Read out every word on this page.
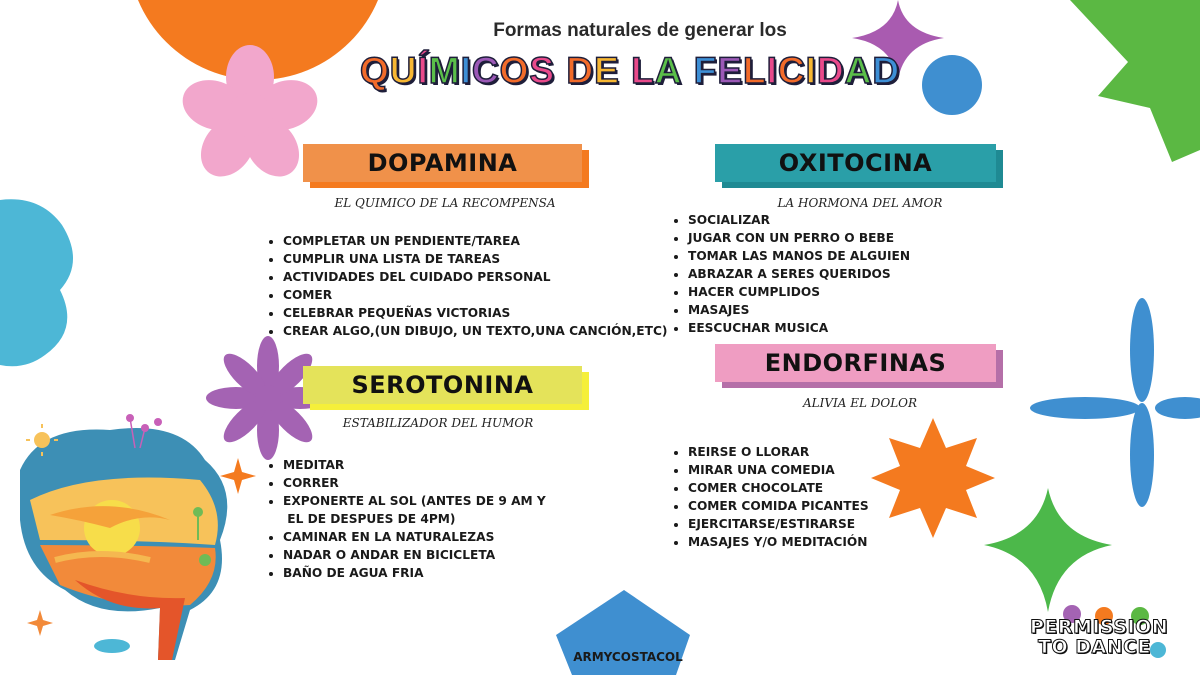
Formas naturales de generar los
QUÍMICOS DE LA FELICIDAD
DOPAMINA
EL QUIMICO DE LA RECOMPENSA
• COMPLETAR UN PENDIENTE/TAREA
• CUMPLIR UNA LISTA DE TAREAS
• ACTIVIDADES DEL CUIDADO PERSONAL
• COMER
• CELEBRAR PEQUEÑAS VICTORIAS
• CREAR ALGO,(UN DIBUJO, UN TEXTO,UNA CANCIÓN,ETC)
OXITOCINA
LA HORMONA DEL AMOR
• SOCIALIZAR
• JUGAR CON UN PERRO O BEBE
• TOMAR LAS MANOS DE ALGUIEN
• ABRAZAR A SERES QUERIDOS
• HACER CUMPLIDOS
• MASAJES
• EESCUCHAR MUSICA
SEROTONINA
ESTABILIZADOR DEL HUMOR
• MEDITAR
• CORRER
• EXPONERTE AL SOL (ANTES DE 9 AM Y
EL DE DESPUES DE 4PM)
• CAMINAR EN LA NATURALEZAS
• NADAR O ANDAR EN BICICLETA
• BAÑO DE AGUA FRIA
ENDORFINAS
ALIVIA EL DOLOR
• REIRSE O LLORAR
• MIRAR UNA COMEDIA
• COMER CHOCOLATE
• COMER COMIDA PICANTES
• EJERCITARSE/ESTIRARSE
• MASAJES Y/O MEDITACIÓN
ARMYCOSTACOL
PERMISSION
TO DANCE
